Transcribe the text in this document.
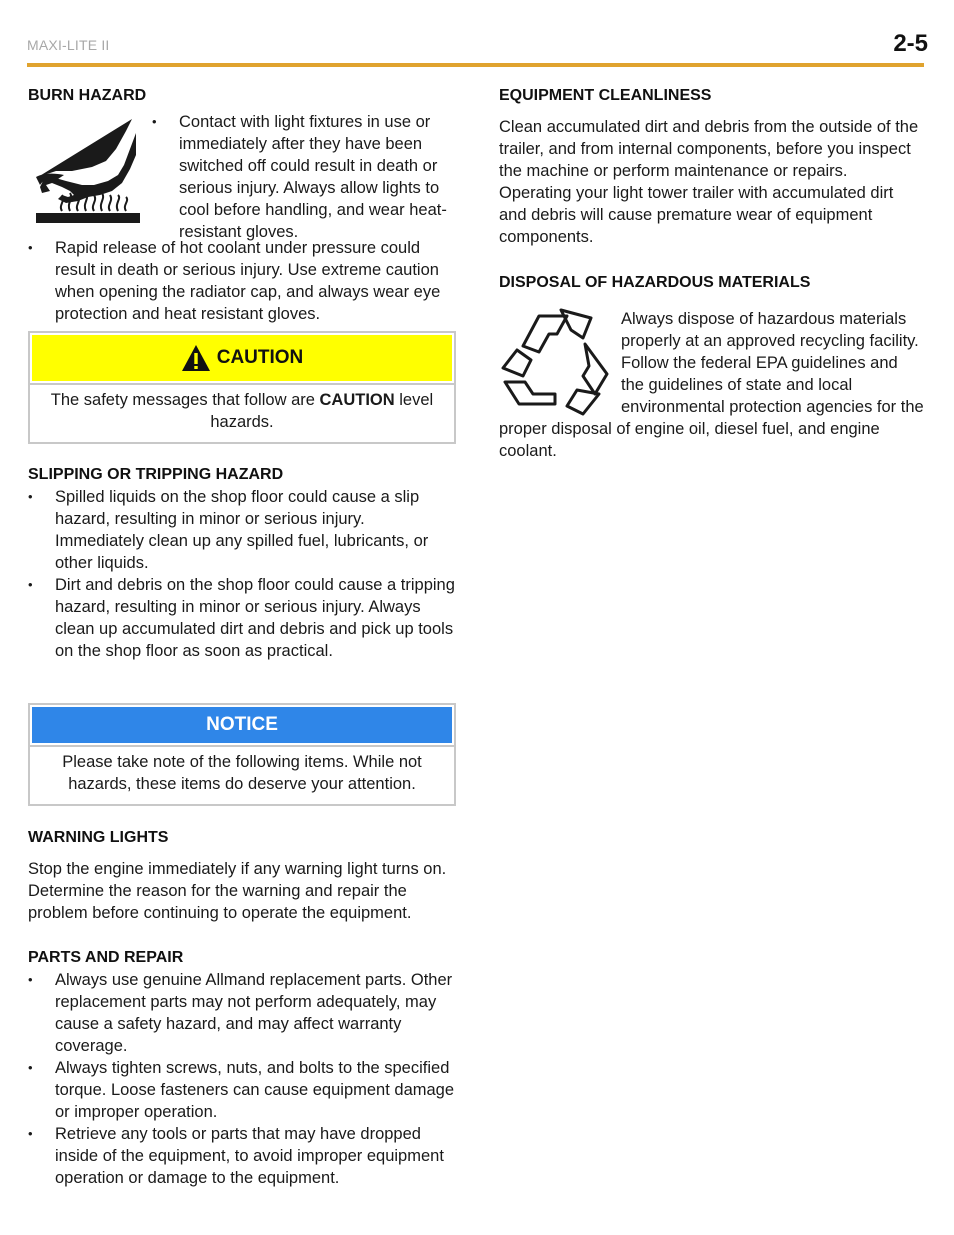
MAXI-LITE II	2-5
BURN HAZARD
• Contact with light fixtures in use or immediately after they have been switched off could result in death or serious injury. Always allow lights to cool before handling, and wear heat-resistant gloves.
• Rapid release of hot coolant under pressure could result in death or serious injury. Use extreme caution when opening the radiator cap, and always wear eye protection and heat resistant gloves.
CAUTION
The safety messages that follow are CAUTION level hazards.
SLIPPING OR TRIPPING HAZARD
• Spilled liquids on the shop floor could cause a slip hazard, resulting in minor or serious injury. Immediately clean up any spilled fuel, lubricants, or other liquids.
• Dirt and debris on the shop floor could cause a tripping hazard, resulting in minor or serious injury. Always clean up accumulated dirt and debris and pick up tools on the shop floor as soon as practical.
NOTICE
Please take note of the following items. While not hazards, these items do deserve your attention.
WARNING LIGHTS

Stop the engine immediately if any warning light turns on. Determine the reason for the warning and repair the problem before continuing to operate the equipment.

PARTS AND REPAIR
• Always use genuine Allmand replacement parts. Other replacement parts may not perform adequately, may cause a safety hazard, and may affect warranty coverage.
• Always tighten screws, nuts, and bolts to the specified torque. Loose fasteners can cause equipment damage or improper operation.
• Retrieve any tools or parts that may have dropped inside of the equipment, to avoid improper equipment operation or damage to the equipment.
EQUIPMENT CLEANLINESS

Clean accumulated dirt and debris from the outside of the trailer, and from internal components, before you inspect the machine or perform maintenance or repairs. Operating your light tower trailer with accumulated dirt and debris will cause premature wear of equipment components.

DISPOSAL OF HAZARDOUS MATERIALS

Always dispose of hazardous materials properly at an approved recycling facility. Follow the federal EPA guidelines and the guidelines of state and local environmental protection agencies for the proper disposal of engine oil, diesel fuel, and engine coolant.
